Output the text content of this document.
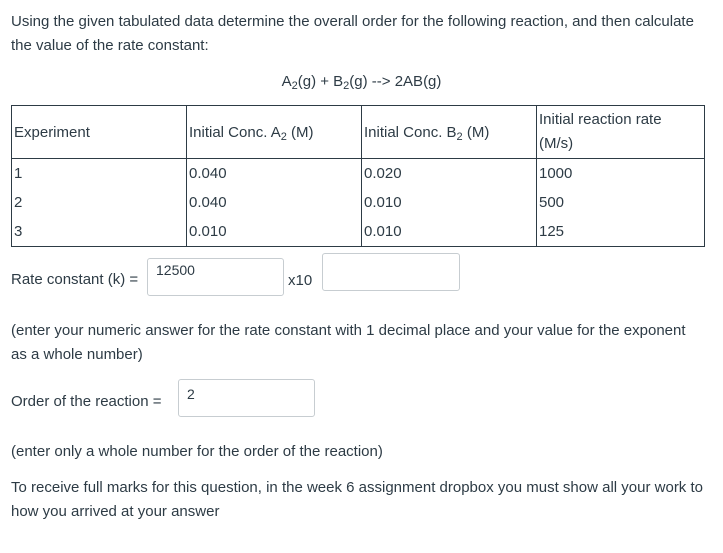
Using the given tabulated data determine the overall order for the following reaction, and then calculate the value of the rate constant:

$A_2(g) + B_2(g)$ --> 2AB(g)
Experiment	Initial Conc. $A_2$ (M)	Initial Conc. $B_2$ (M)	Initial reaction rate
(M/s)
1	0.040	0.020	1000
2	0.040	0.010	500
3	0.010	0.010	125
Rate constant (k) =
12500	x10

(enter your numeric answer for the rate constant with 1 decimal place and your value for the exponent as a whole number)

Order of the reaction =
2

(enter only a whole number for the order of the reaction)

To receive full marks for this question, in the week 6 assignment dropbox you must show all your work to how you arrived at your answer
